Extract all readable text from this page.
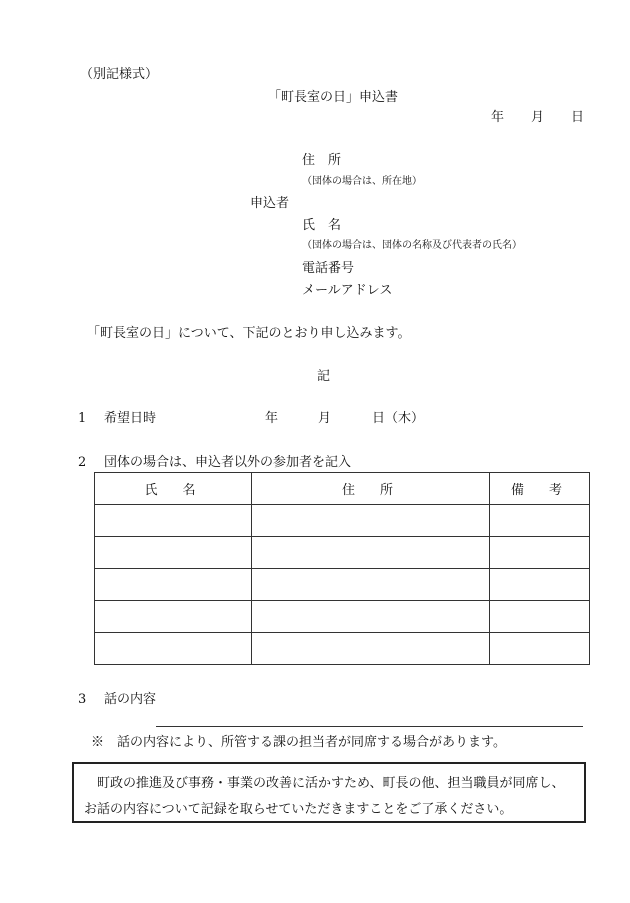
（別記様式）
「町長室の日」申込書
年 月 日
住　所
（団体の場合は、所在地）
申込者
氏　名
（団体の場合は、団体の名称及び代表者の氏名）
電話番号
メールアドレス
「町長室の日」について、下記のとおり申し込みます。
記
1 希望日時	年	月	日（木）
2 団体の場合は、申込者以外の参加者を記入
氏　名	住　所	備　考

3 話の内容
※　話の内容により、所管する課の担当者が同席する場合があります。
町政の推進及び事務・事業の改善に活かすため、町長の他、担当職員が同席し、
お話の内容について記録を取らせていただきますことをご了承ください。
